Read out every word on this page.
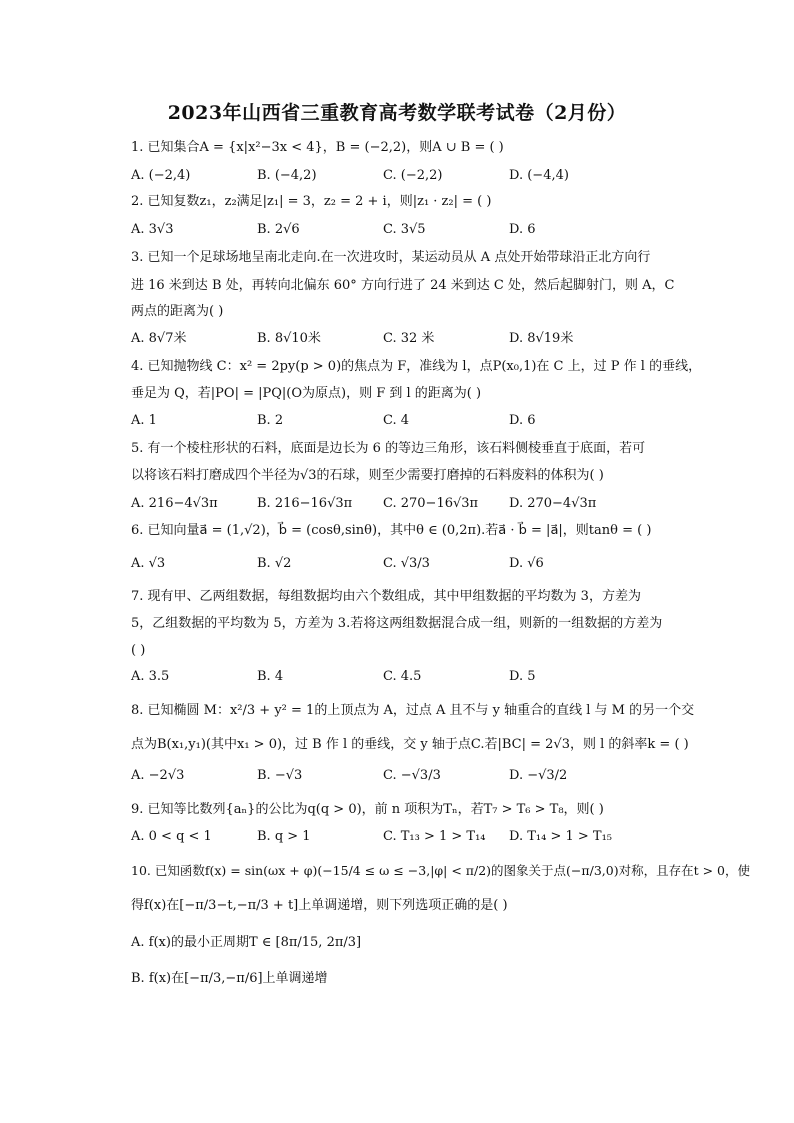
2023年山西省三重教育高考数学联考试卷（2月份）
1. 已知集合A = {x|x²−3x < 4}，B = (−2,2)，则A ∪ B = ( )
A. (−2,4)	B. (−4,2)	C. (−2,2)	D. (−4,4)
2. 已知复数z₁，z₂满足|z₁| = 3，z₂ = 2 + i，则|z₁ · z₂| = ( )
A. 3√3	B. 2√6	C. 3√5	D. 6
3. 已知一个足球场地呈南北走向.在一次进攻时，某运动员从 A 点处开始带球沿正北方向行
进 16 米到达 B 处，再转向北偏东 60° 方向行进了 24 米到达 C 处，然后起脚射门，则 A，C
两点的距离为( )
A. 8√7米	B. 8√10米	C. 32 米	D. 8√19米
4. 已知抛物线 C：x² = 2py(p > 0)的焦点为 F，准线为 l，点P(x₀,1)在 C 上，过 P 作 l 的垂线，
垂足为 Q，若|PO| = |PQ|(O为原点)，则 F 到 l 的距离为( )
A. 1	B. 2	C. 4	D. 6
5. 有一个棱柱形状的石料，底面是边长为 6 的等边三角形，该石料侧棱垂直于底面，若可
以将该石料打磨成四个半径为√3的石球，则至少需要打磨掉的石料废料的体积为( )
A. 216−4√3π	B. 216−16√3π C. 270−16√3π D. 270−4√3π
6. 已知向量a⃗ = (1,√2)，b⃗ = (cosθ,sinθ)，其中θ ∈ (0,2π).若a⃗ · b⃗ = |a⃗|，则tanθ = ( )
A. √3	B. √2	C. √3/3	D. √6
7. 现有甲、乙两组数据，每组数据均由六个数组成，其中甲组数据的平均数为 3，方差为
5，乙组数据的平均数为 5，方差为 3.若将这两组数据混合成一组，则新的一组数据的方差为
( )
A. 3.5	B. 4	C. 4.5	D. 5
8. 已知椭圆 M：x²/3 + y² = 1的上顶点为 A，过点 A 且不与 y 轴重合的直线 l 与 M 的另一个交
点为B(x₁,y₁)(其中x₁ > 0)，过 B 作 l 的垂线，交 y 轴于点C.若|BC| = 2√3，则 l 的斜率k = ( )
A. −2√3	B. −√3	C. −√3/3	D. −√3/2
9. 已知等比数列{aₙ}的公比为q(q > 0)，前 n 项积为Tₙ，若T₇ > T₆ > T₈，则( )
A. 0 < q < 1	B. q > 1	C. T₁₃ > 1 > T₁₄ D. T₁₄ > 1 > T₁₅
10. 已知函数f(x) = sin(ωx + φ)(−15/4 ≤ ω ≤ −3,|φ| < π/2)的图象关于点(−π/3,0)对称，且存在t > 0，使
得f(x)在[−π/3−t,−π/3 + t]上单调递增，则下列选项正确的是( )
A. f(x)的最小正周期T ∈ [8π/15, 2π/3]
B. f(x)在[−π/3,−π/6]上单调递增
